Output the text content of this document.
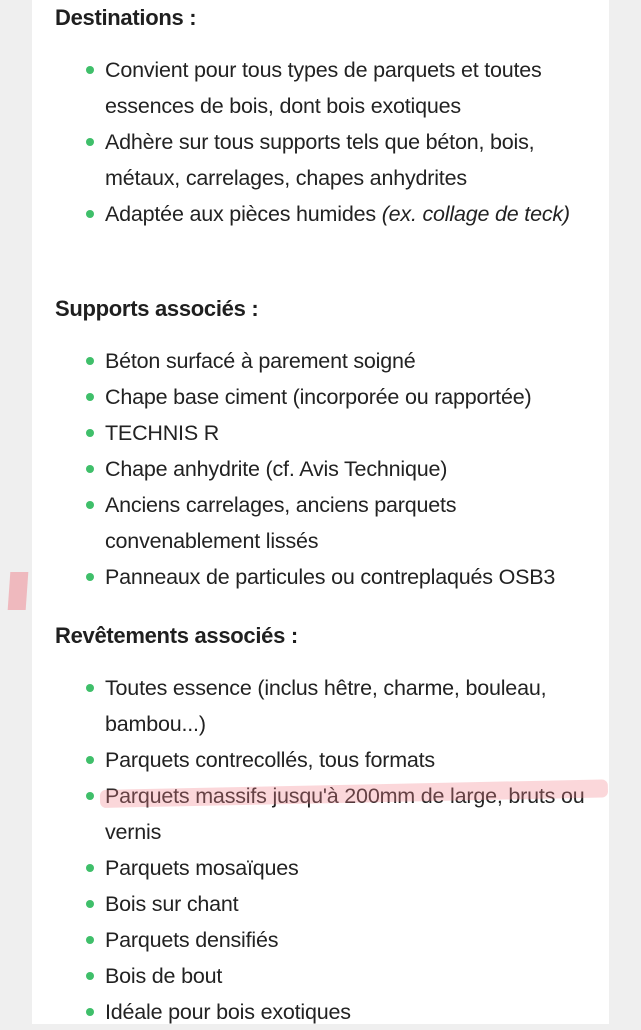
Destinations :
Convient pour tous types de parquets et toutes essences de bois, dont bois exotiques
Adhère sur tous supports tels que béton, bois, métaux, carrelages, chapes anhydrites
Adaptée aux pièces humides (ex. collage de teck)
Supports associés :
Béton surfacé à parement soigné
Chape base ciment (incorporée ou rapportée)
TECHNIS R
Chape anhydrite (cf. Avis Technique)
Anciens carrelages, anciens parquets convenablement lissés
Panneaux de particules ou contreplaqués OSB3
Revêtements associés :
Toutes essence (inclus hêtre, charme, bouleau, bambou...)
Parquets contrecollés, tous formats
Parquets massifs jusqu'à 200mm de large, bruts ou vernis
Parquets mosaïques
Bois sur chant
Parquets densifiés
Bois de bout
Idéale pour bois exotiques
